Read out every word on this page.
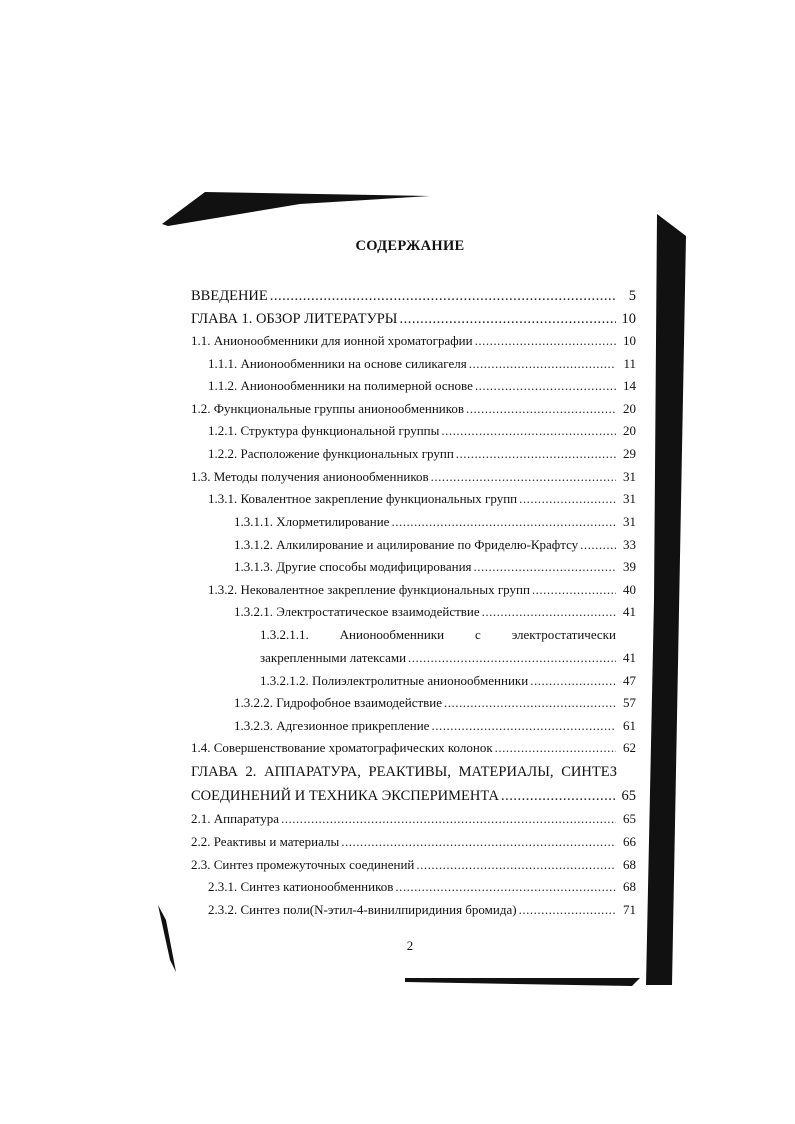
СОДЕРЖАНИЕ
ВВЕДЕНИЕ .....	5
ГЛАВА 1. ОБЗОР ЛИТЕРАТУРЫ .....	10
1.1. Анионообменники для ионной хроматографии .....	10
1.1.1. Анионообменники на основе силикагеля .....	11
1.1.2. Анионообменники на полимерной основе .....	14
1.2. Функциональные группы анионообменников .....	20
1.2.1. Структура функциональной группы .....	20
1.2.2. Расположение функциональных групп .....	29
1.3. Методы получения анионообменников .....	31
1.3.1. Ковалентное закрепление функциональных групп .....	31
1.3.1.1. Хлорметилирование .....	31
1.3.1.2. Алкилирование и ацилирование по Фриделю-Крафтсу .....	33
1.3.1.3. Другие способы модифицирования .....	39
1.3.2. Нековалентное закрепление функциональных групп .....	40
1.3.2.1. Электростатическое взаимодействие .....	41
1.3.2.1.1. Анионообменники с электростатически
закрепленными латексами .....	41
1.3.2.1.2. Полиэлектролитные анионообменники .....	47
1.3.2.2. Гидрофобное взаимодействие .....	57
1.3.2.3. Адгезионное прикрепление .....	61
1.4. Совершенствование хроматографических колонок .....	62
ГЛАВА 2. АППАРАТУРА, РЕАКТИВЫ, МАТЕРИАЛЫ, СИНТЕЗ
СОЕДИНЕНИЙ И ТЕХНИКА ЭКСПЕРИМЕНТА .....	65
2.1. Аппаратура .....	65
2.2. Реактивы и материалы .....	66
2.3. Синтез промежуточных соединений .....	68
2.3.1. Синтез катионообменников .....	68
2.3.2. Синтез поли(N-этил-4-винилпиридиния бромида) .....	71
2
